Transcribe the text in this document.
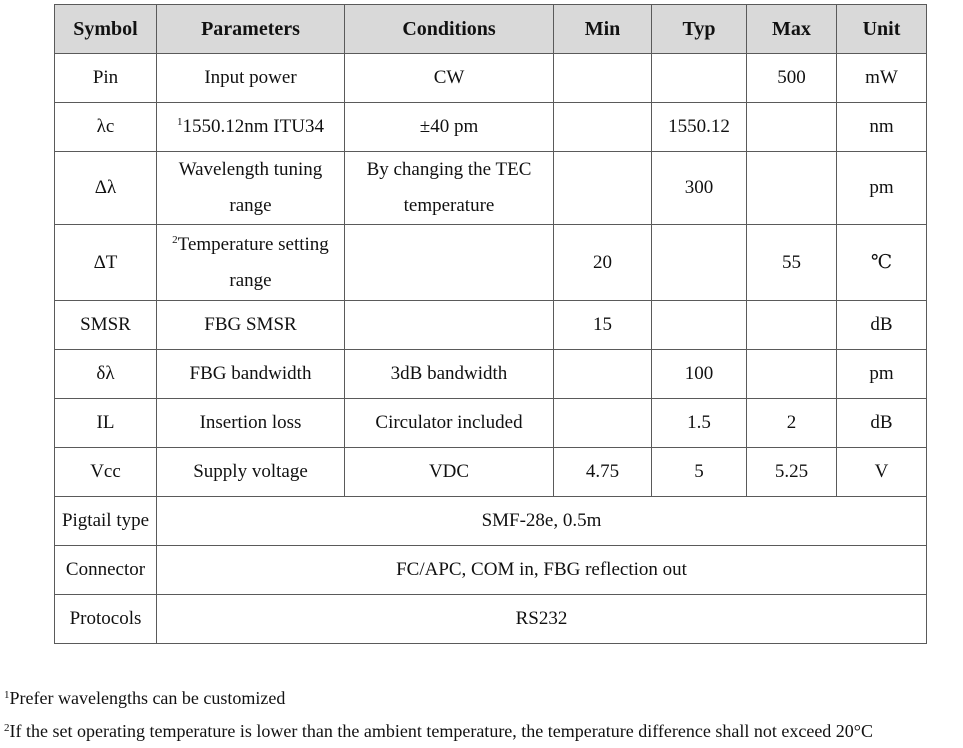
Symbol	Parameters	Conditions	Min	Typ	Max	Unit
Pin	Input power	CW			500	mW
λc	$^1$1550.12nm ITU34	±40 pm		1550.12		nm
Δλ	Wavelength tuning range	By changing the TEC temperature		300		pm
ΔT	$^2$Temperature setting range		20		55	℃
SMSR	FBG SMSR		15			dB
δλ	FBG bandwidth	3dB bandwidth		100		pm
IL	Insertion loss	Circulator included		1.5	2	dB
Vcc	Supply voltage	VDC	4.75	5	5.25	V
Pigtail type	SMF-28e, 0.5m					
Connector	FC/APC, COM in, FBG reflection out					
Protocols	RS232					

$^1$Prefer wavelengths can be customized

$^2$If the set operating temperature is lower than the ambient temperature, the temperature difference shall not exceed 20°C
